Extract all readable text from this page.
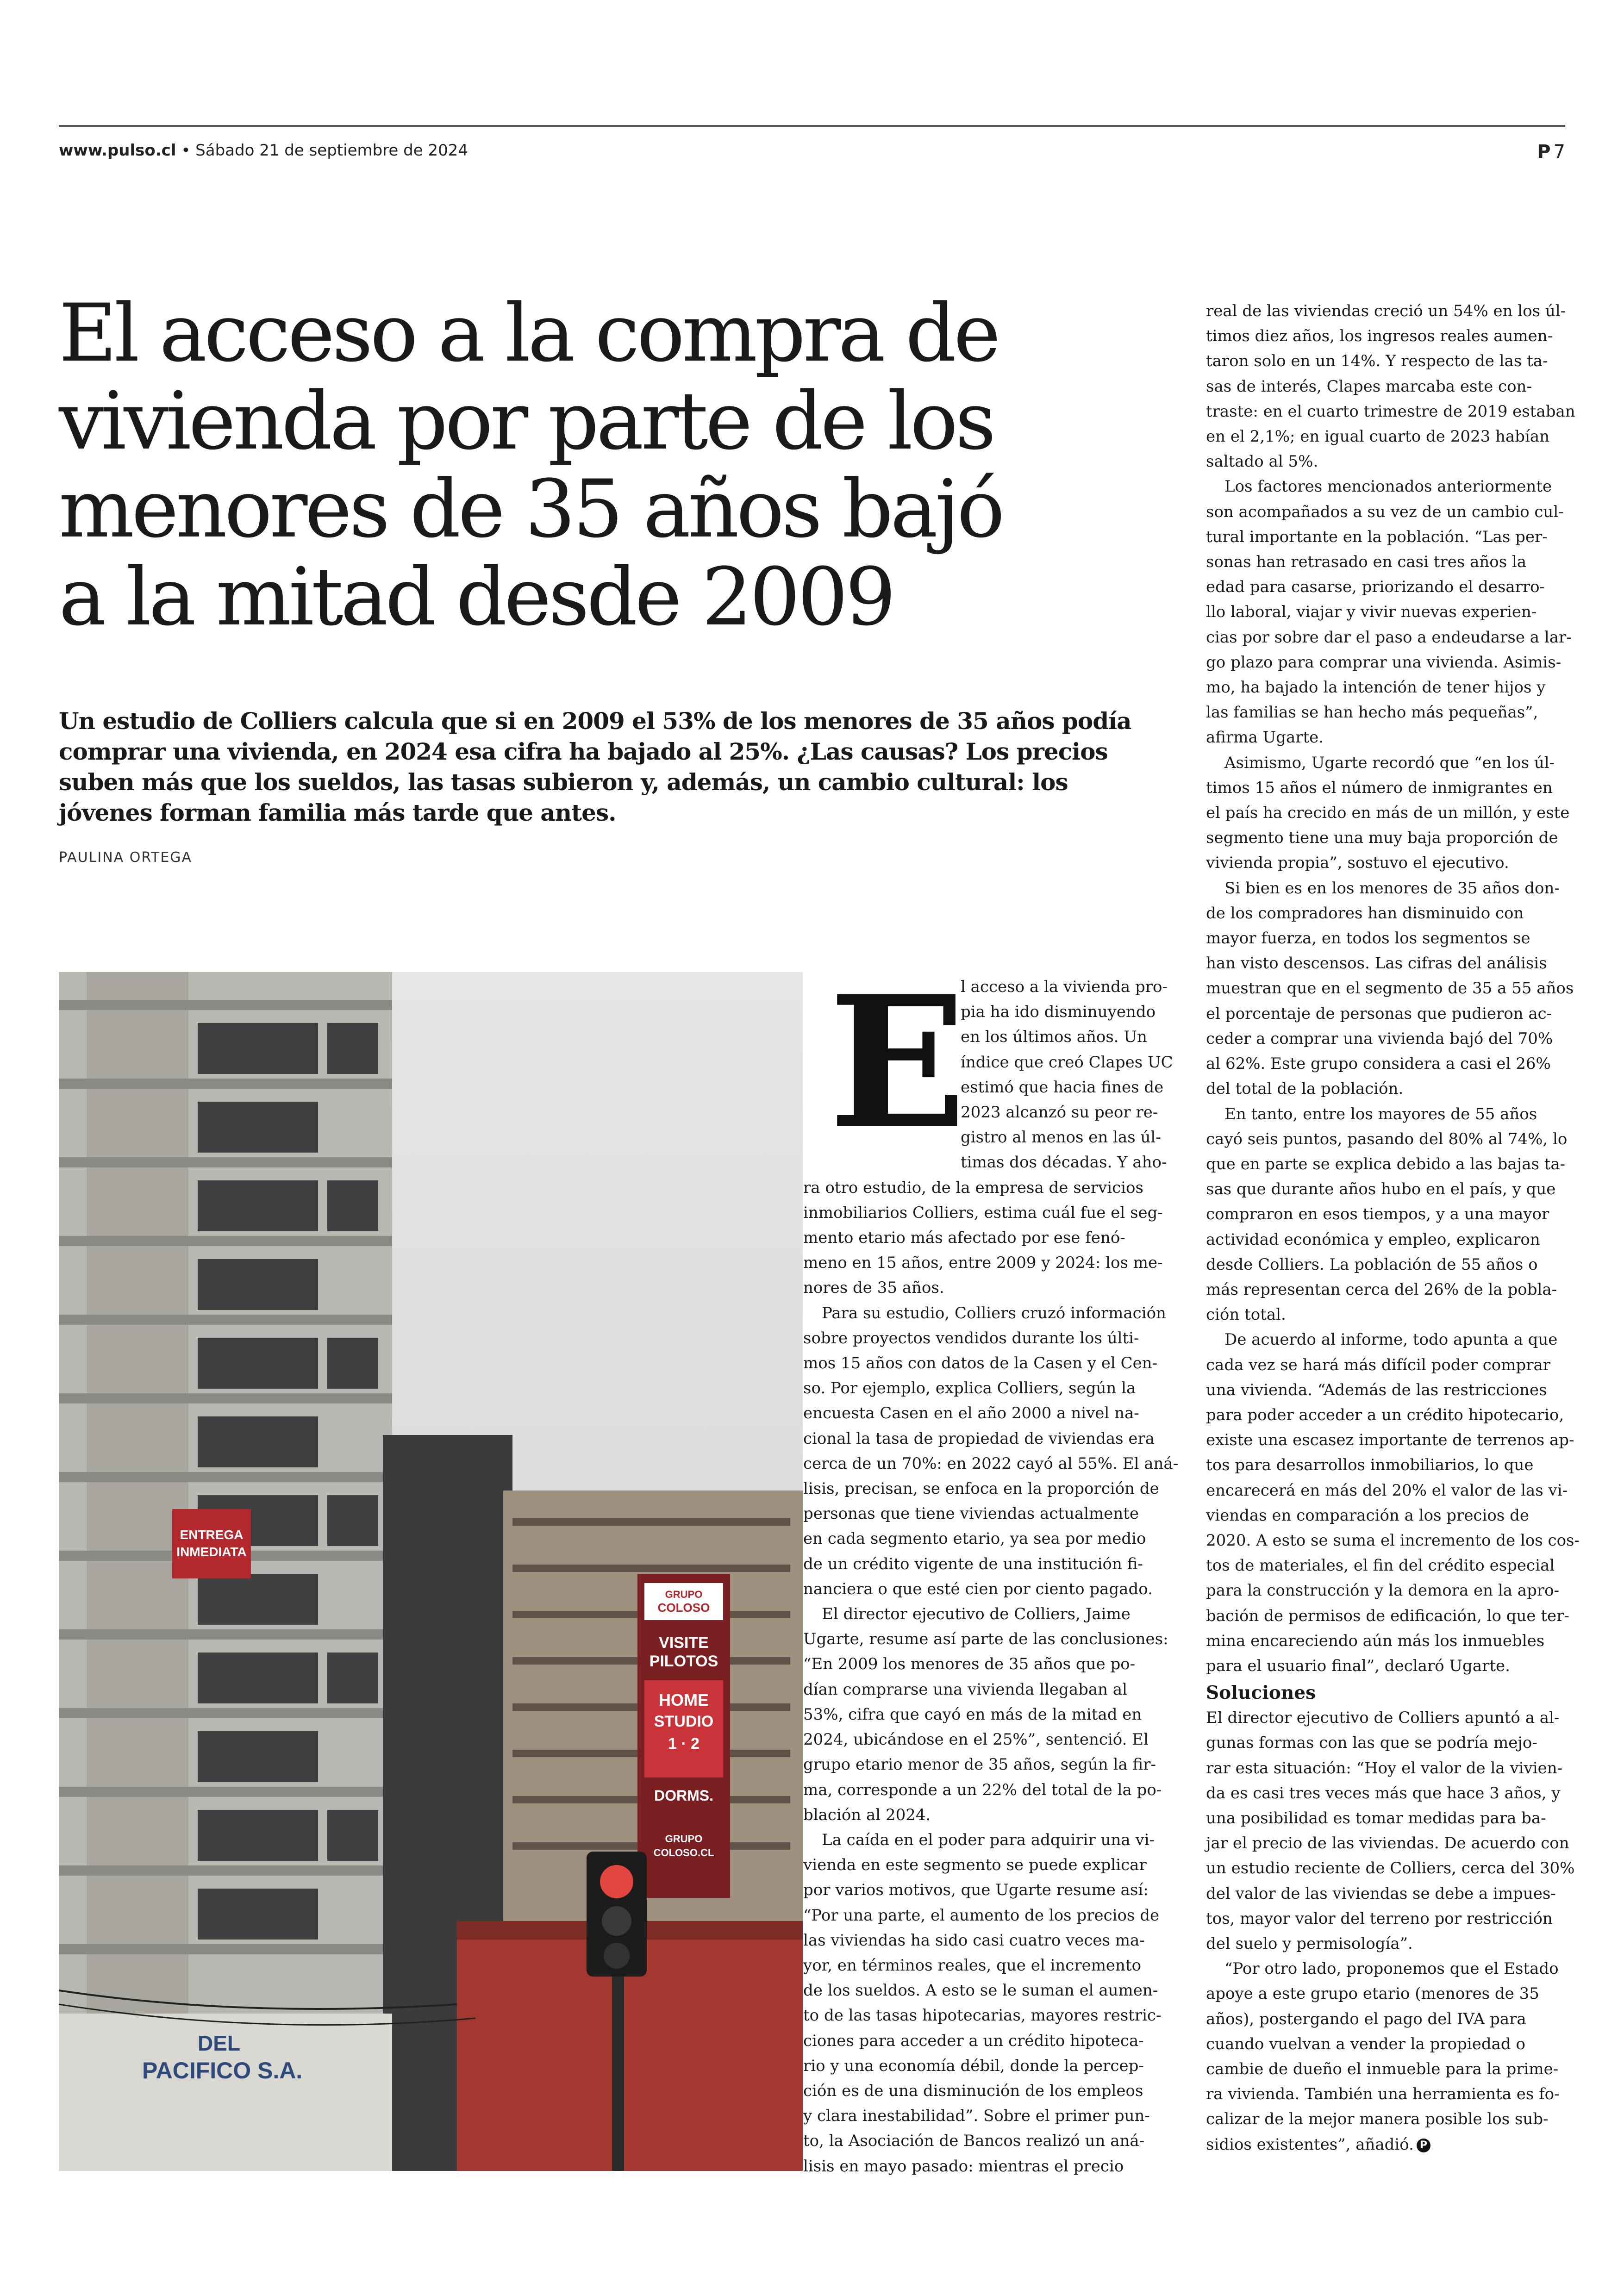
www.pulso.cl • Sábado 21 de septiembre de 2024	P 7
El acceso a la compra de
vivienda por parte de los
menores de 35 años bajó
a la mitad desde 2009

Un estudio de Colliers calcula que si en 2009 el 53% de los menores de 35 años podía
comprar una vivienda, en 2024 esa cifra ha bajado al 25%. ¿Las causas? Los precios
suben más que los sueldos, las tasas subieron y, además, un cambio cultural: los
jóvenes forman familia más tarde que antes.

PAULINA ORTEGA
ENTREGA
INMEDIATA
GRUPO
COLOSO
VISITE
PILOTOS
HOME
STUDIO
1 · 2
DORMS.
GRUPO
COLOSO.CL
DEL
PACIFICO S.A.
E

l acceso a la vivienda pro-
pia ha ido disminuyendo
en los últimos años. Un
índice que creó Clapes UC
estimó que hacia fines de
2023 alcanzó su peor re-
gistro al menos en las úl-
timas dos décadas. Y aho-
ra otro estudio, de la empresa de servicios
inmobiliarios Colliers, estima cuál fue el seg-
mento etario más afectado por ese fenó-
meno en 15 años, entre 2009 y 2024: los me-
nores de 35 años.

Para su estudio, Colliers cruzó información
sobre proyectos vendidos durante los últi-
mos 15 años con datos de la Casen y el Cen-
so. Por ejemplo, explica Colliers, según la
encuesta Casen en el año 2000 a nivel na-
cional la tasa de propiedad de viviendas era
cerca de un 70%: en 2022 cayó al 55%. El aná-
lisis, precisan, se enfoca en la proporción de
personas que tiene viviendas actualmente
en cada segmento etario, ya sea por medio
de un crédito vigente de una institución fi-
nanciera o que esté cien por ciento pagado.

El director ejecutivo de Colliers, Jaime
Ugarte, resume así parte de las conclusiones:
“En 2009 los menores de 35 años que po-
dían comprarse una vivienda llegaban al
53%, cifra que cayó en más de la mitad en
2024, ubicándose en el 25%”, sentenció. El
grupo etario menor de 35 años, según la fir-
ma, corresponde a un 22% del total de la po-
blación al 2024.

La caída en el poder para adquirir una vi-
vienda en este segmento se puede explicar
por varios motivos, que Ugarte resume así:
“Por una parte, el aumento de los precios de
las viviendas ha sido casi cuatro veces ma-
yor, en términos reales, que el incremento
de los sueldos. A esto se le suman el aumen-
to de las tasas hipotecarias, mayores restric-
ciones para acceder a un crédito hipoteca-
rio y una economía débil, donde la percep-
ción es de una disminución de los empleos
y clara inestabilidad”. Sobre el primer pun-
to, la Asociación de Bancos realizó un aná-
lisis en mayo pasado: mientras el precio

real de las viviendas creció un 54% en los úl-
timos diez años, los ingresos reales aumen-
taron solo en un 14%. Y respecto de las ta-
sas de interés, Clapes marcaba este con-
traste: en el cuarto trimestre de 2019 estaban
en el 2,1%; en igual cuarto de 2023 habían
saltado al 5%.

Los factores mencionados anteriormente
son acompañados a su vez de un cambio cul-
tural importante en la población. “Las per-
sonas han retrasado en casi tres años la
edad para casarse, priorizando el desarro-
llo laboral, viajar y vivir nuevas experien-
cias por sobre dar el paso a endeudarse a lar-
go plazo para comprar una vivienda. Asimis-
mo, ha bajado la intención de tener hijos y
las familias se han hecho más pequeñas”,
afirma Ugarte.

Asimismo, Ugarte recordó que “en los úl-
timos 15 años el número de inmigrantes en
el país ha crecido en más de un millón, y este
segmento tiene una muy baja proporción de
vivienda propia”, sostuvo el ejecutivo.

Si bien es en los menores de 35 años don-
de los compradores han disminuido con
mayor fuerza, en todos los segmentos se
han visto descensos. Las cifras del análisis
muestran que en el segmento de 35 a 55 años
el porcentaje de personas que pudieron ac-
ceder a comprar una vivienda bajó del 70%
al 62%. Este grupo considera a casi el 26%
del total de la población.

En tanto, entre los mayores de 55 años
cayó seis puntos, pasando del 80% al 74%, lo
que en parte se explica debido a las bajas ta-
sas que durante años hubo en el país, y que
compraron en esos tiempos, y a una mayor
actividad económica y empleo, explicaron
desde Colliers. La población de 55 años o
más representan cerca del 26% de la pobla-
ción total.

De acuerdo al informe, todo apunta a que
cada vez se hará más difícil poder comprar
una vivienda. “Además de las restricciones
para poder acceder a un crédito hipotecario,
existe una escasez importante de terrenos ap-
tos para desarrollos inmobiliarios, lo que
encarecerá en más del 20% el valor de las vi-
viendas en comparación a los precios de
2020. A esto se suma el incremento de los cos-
tos de materiales, el fin del crédito especial
para la construcción y la demora en la apro-
bación de permisos de edificación, lo que ter-
mina encareciendo aún más los inmuebles
para el usuario final”, declaró Ugarte.

Soluciones

El director ejecutivo de Colliers apuntó a al-
gunas formas con las que se podría mejo-
rar esta situación: “Hoy el valor de la vivien-
da es casi tres veces más que hace 3 años, y
una posibilidad es tomar medidas para ba-
jar el precio de las viviendas. De acuerdo con
un estudio reciente de Colliers, cerca del 30%
del valor de las viviendas se debe a impues-
tos, mayor valor del terreno por restricción
del suelo y permisología”.

“Por otro lado, proponemos que el Estado
apoye a este grupo etario (menores de 35
años), postergando el pago del IVA para
cuando vuelvan a vender la propiedad o
cambie de dueño el inmueble para la prime-
ra vivienda. También una herramienta es fo-
calizar de la mejor manera posible los sub-
sidios existentes”, añadió. P
